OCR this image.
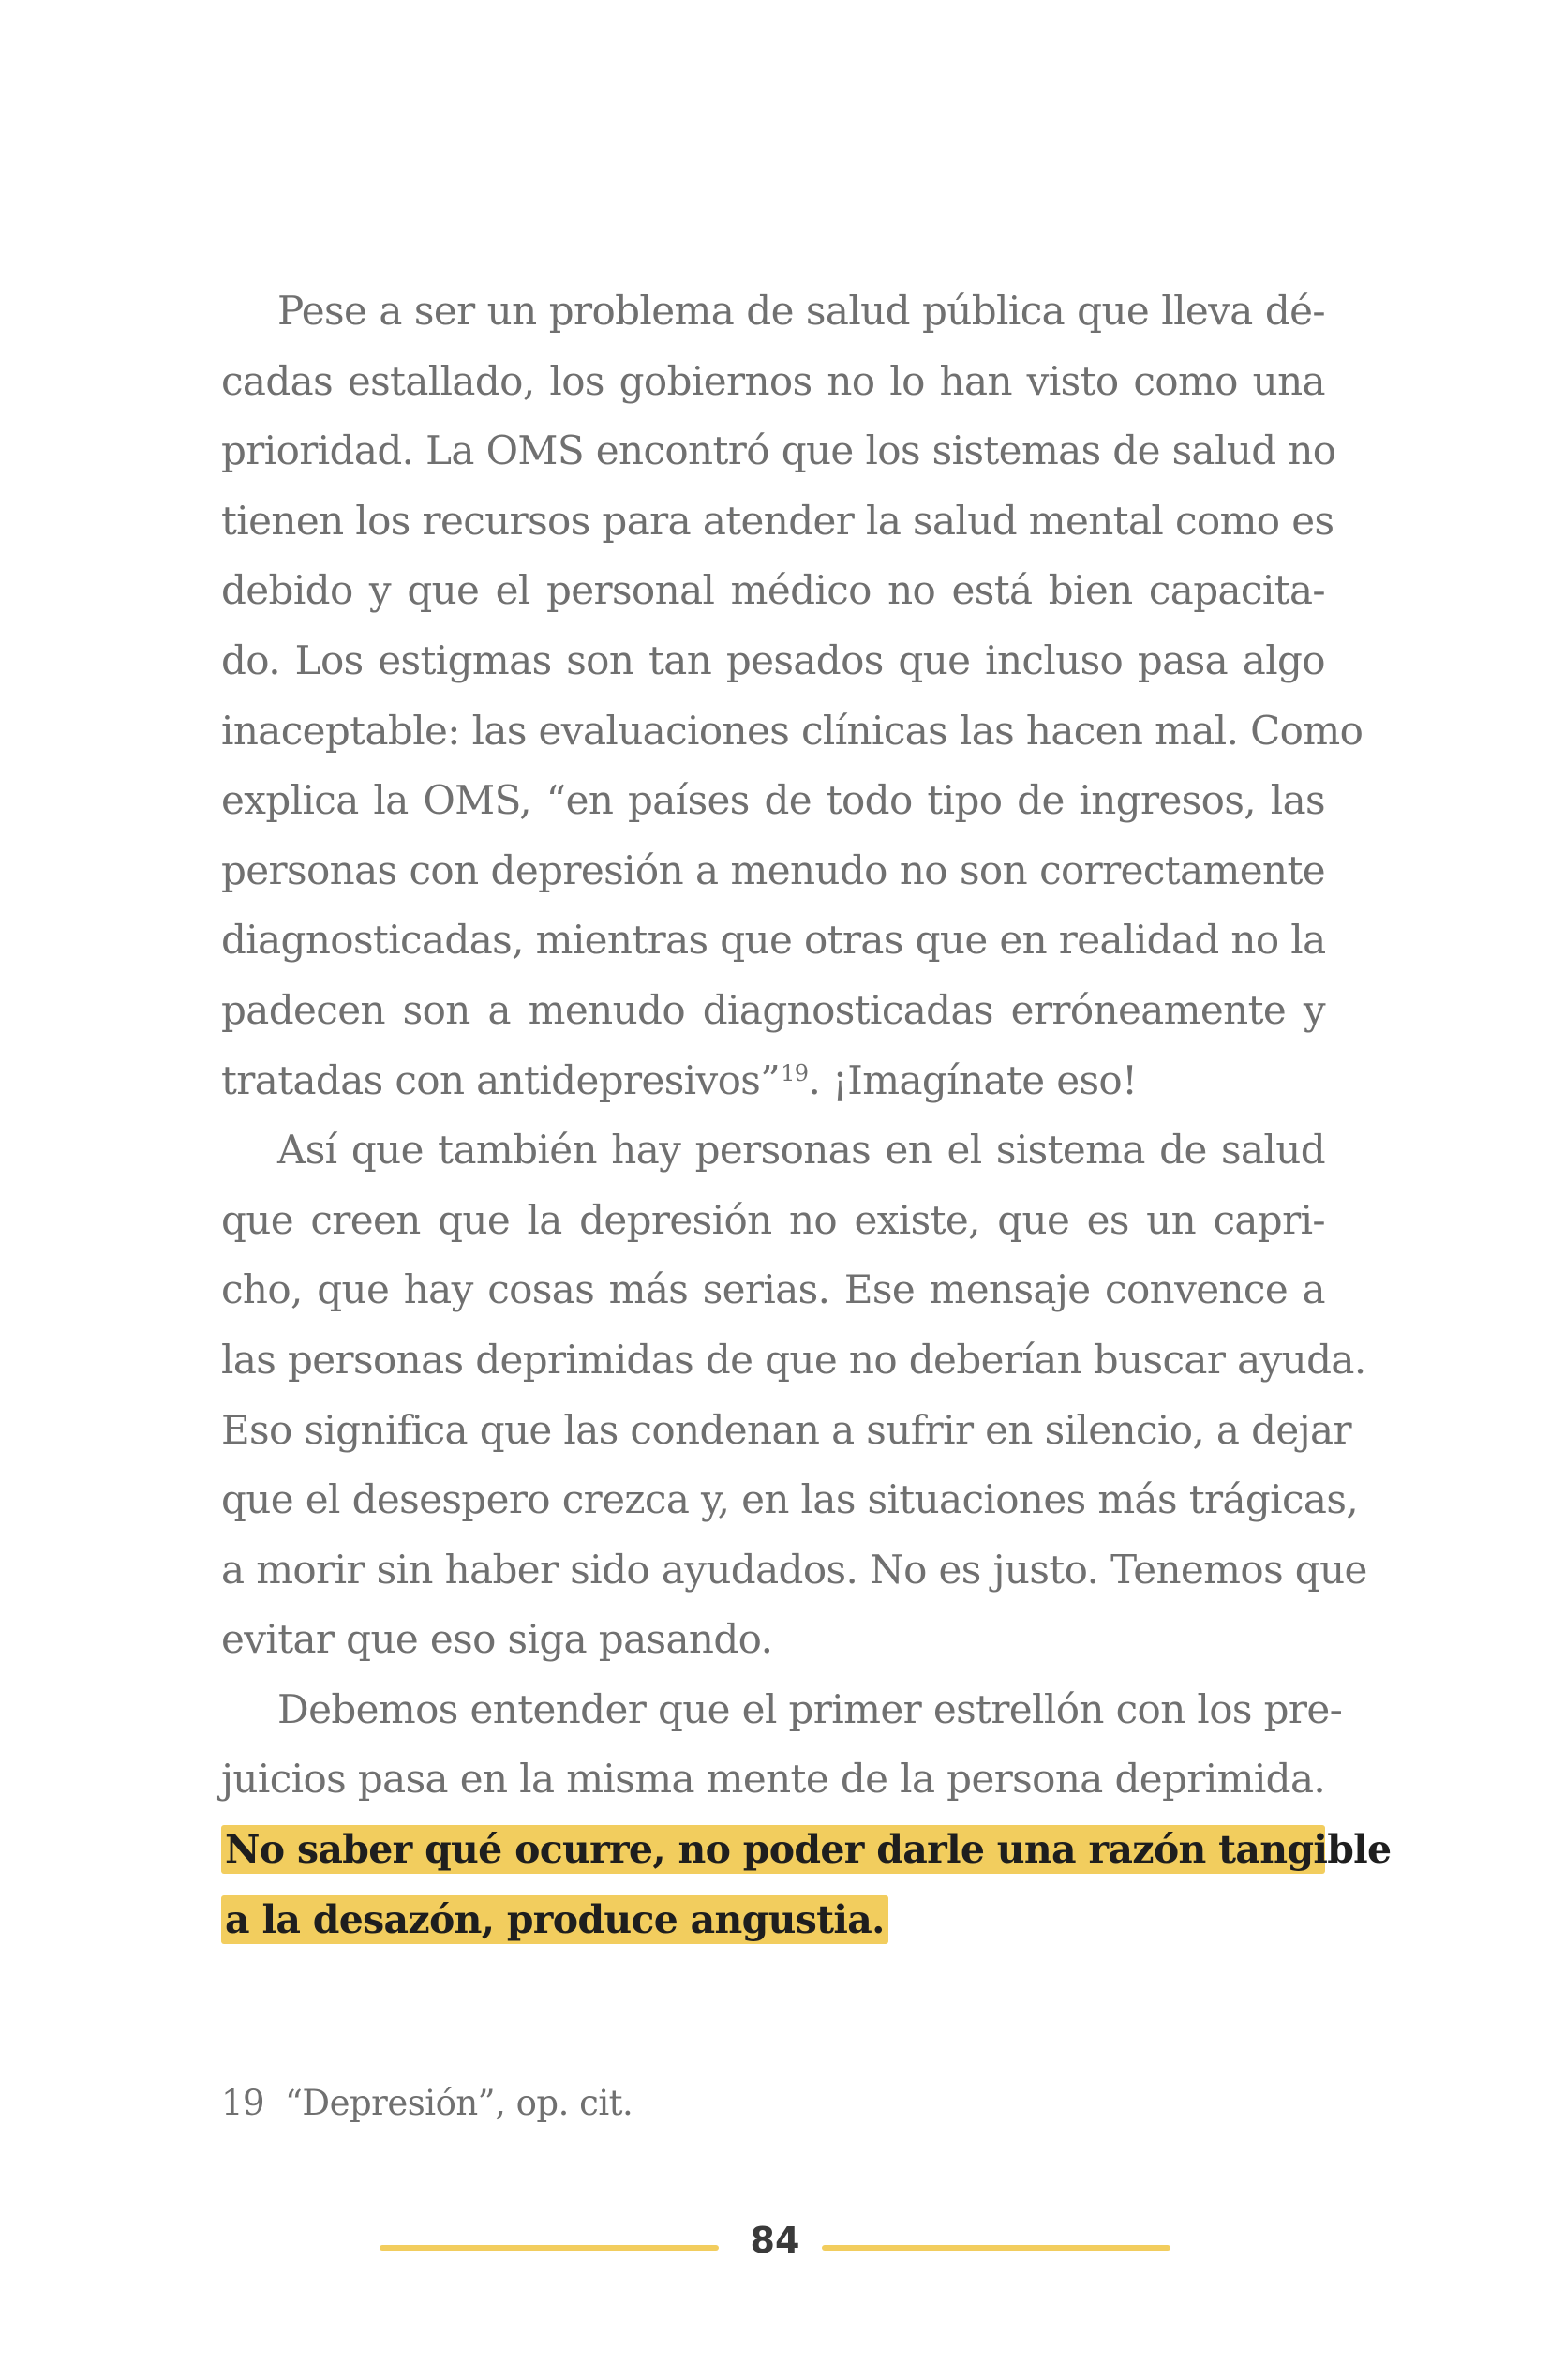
Pese a ser un problema de salud pública que lleva dé-
cadas estallado, los gobiernos no lo han visto como una
prioridad. La OMS encontró que los sistemas de salud no
tienen los recursos para atender la salud mental como es
debido y que el personal médico no está bien capacita-
do. Los estigmas son tan pesados que incluso pasa algo
inaceptable: las evaluaciones clínicas las hacen mal. Como
explica la OMS, “en países de todo tipo de ingresos, las
personas con depresión a menudo no son correctamente
diagnosticadas, mientras que otras que en realidad no la
padecen son a menudo diagnosticadas erróneamente y
tratadas con antidepresivos”$^{19}$. ¡Imagínate eso!
Así que también hay personas en el sistema de salud
que creen que la depresión no existe, que es un capri-
cho, que hay cosas más serias. Ese mensaje convence a
las personas deprimidas de que no deberían buscar ayuda.
Eso significa que las condenan a sufrir en silencio, a dejar
que el desespero crezca y, en las situaciones más trágicas,
a morir sin haber sido ayudados. No es justo. Tenemos que
evitar que eso siga pasando.
Debemos entender que el primer estrellón con los pre-
juicios pasa en la misma mente de la persona deprimida.
No saber qué ocurre, no poder darle una razón tangible
a la desazón, produce angustia.
19 “Depresión”, op. cit.
84
